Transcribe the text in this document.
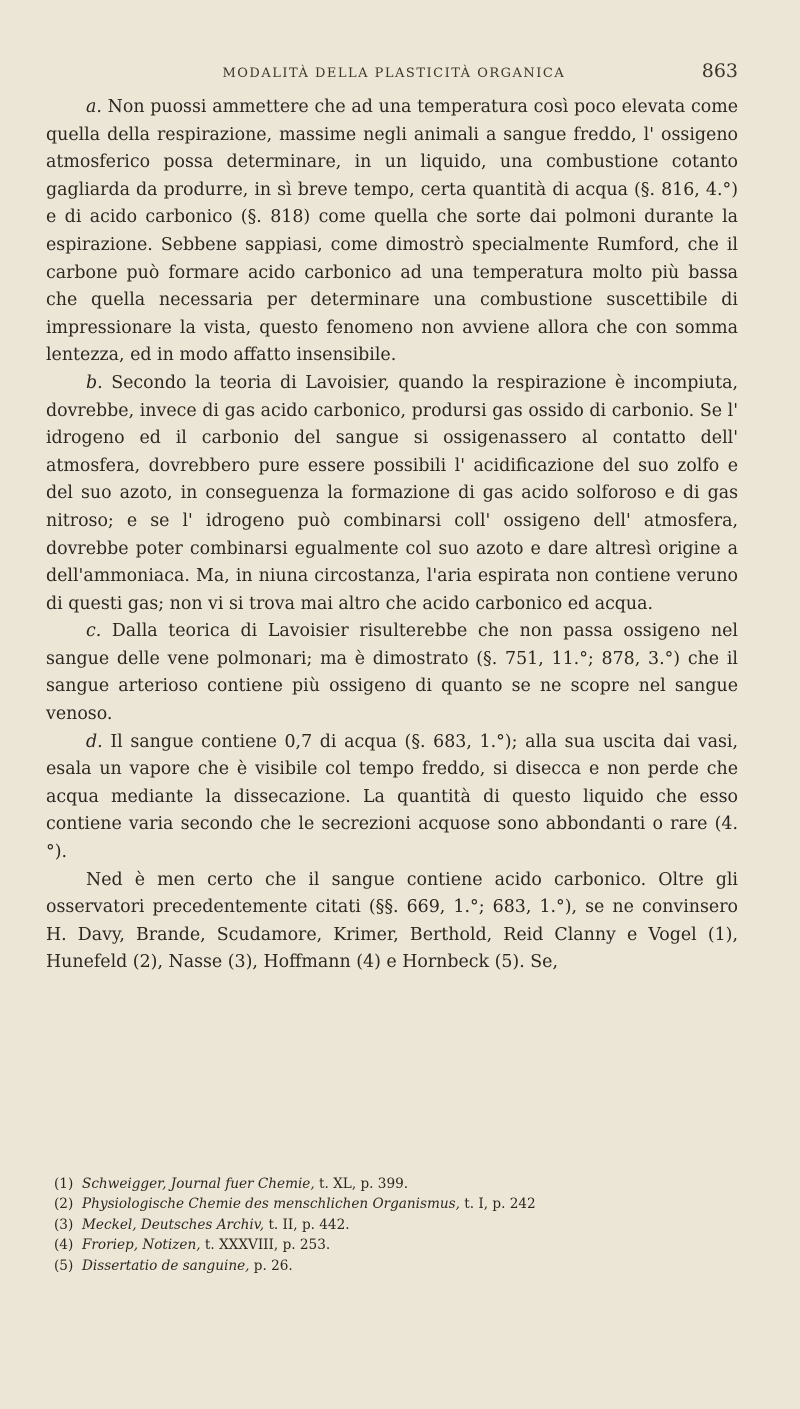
MODALITÀ DELLA PLASTICITÀ ORGANICA	863

a. Non puossi ammettere che ad una temperatura così poco elevata come quella della respirazione, massime negli animali a sangue freddo, l' ossigeno atmosferico possa determinare, in un liquido, una combustione cotanto gagliarda da produrre, in sì breve tempo, certa quantità di acqua (§. 816, 4.°) e di acido carbonico (§. 818) come quella che sorte dai polmoni durante la espirazione. Sebbene sappiasi, come dimostrò specialmente Rumford, che il carbone può formare acido carbonico ad una temperatura molto più bassa che quella necessaria per determinare una combustione suscettibile di impressionare la vista, questo fenomeno non avviene allora che con somma lentezza, ed in modo affatto insensibile.

b. Secondo la teoria di Lavoisier, quando la respirazione è incompiuta, dovrebbe, invece di gas acido carbonico, prodursi gas ossido di carbonio. Se l' idrogeno ed il carbonio del sangue si ossigenassero al contatto dell' atmosfera, dovrebbero pure essere possibili l' acidificazione del suo zolfo e del suo azoto, in conseguenza la formazione di gas acido solforoso e di gas nitroso; e se l' idrogeno può combinarsi coll' ossigeno dell' atmosfera, dovrebbe poter combinarsi egualmente col suo azoto e dare altresì origine a dell'ammoniaca. Ma, in niuna circostanza, l'aria espirata non contiene veruno di questi gas; non vi si trova mai altro che acido carbonico ed acqua.

c. Dalla teorica di Lavoisier risulterebbe che non passa ossigeno nel sangue delle vene polmonari; ma è dimostrato (§. 751, 11.°; 878, 3.°) che il sangue arterioso contiene più ossigeno di quanto se ne scopre nel sangue venoso.

d. Il sangue contiene 0,7 di acqua (§. 683, 1.°); alla sua uscita dai vasi, esala un vapore che è visibile col tempo freddo, si disecca e non perde che acqua mediante la dissecazione. La quantità di questo liquido che esso contiene varia secondo che le secrezioni acquose sono abbondanti o rare (4.°).

Ned è men certo che il sangue contiene acido carbonico. Oltre gli osservatori precedentemente citati (§§. 669, 1.°; 683, 1.°), se ne convinsero H. Davy, Brande, Scudamore, Krimer, Berthold, Reid Clanny e Vogel (1), Hunefeld (2), Nasse (3), Hoffmann (4) e Hornbeck (5). Se,

(1) Schweigger, Journal fuer Chemie, t. XL, p. 399.
(2) Physiologische Chemie des menschlichen Organismus, t. I, p. 242
(3) Meckel, Deutsches Archiv, t. II, p. 442.
(4) Froriep, Notizen, t. XXXVIII, p. 253.
(5) Dissertatio de sanguine, p. 26.
